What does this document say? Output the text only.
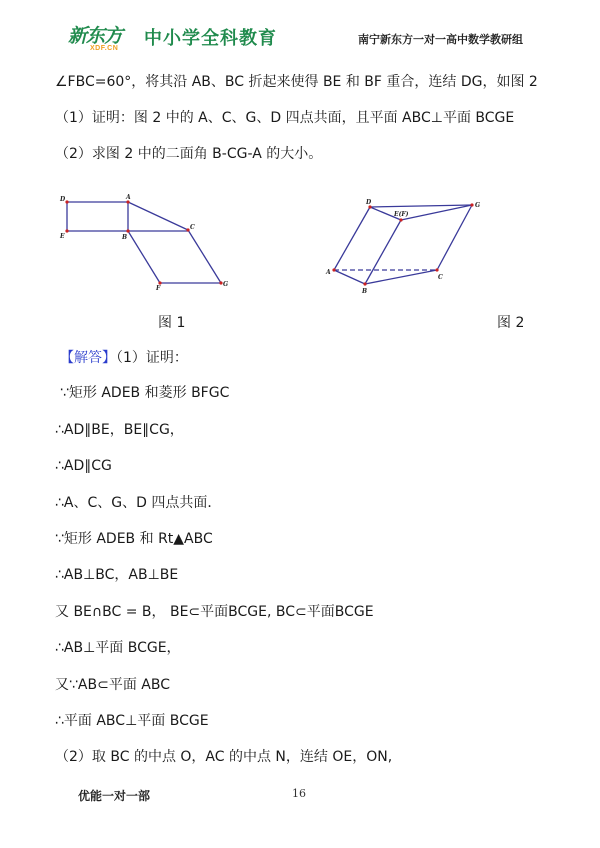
新东方
XDF.CN 中小学全科教育	南宁新东方一对一高中数学教研组
∠FBC=60°，将其沿 AB、BC 折起来使得 BE 和 BF 重合，连结 DG，如图 2
（1）证明：图 2 中的 A、C、G、D 四点共面，且平面 ABC⊥平面 BCGE
（2）求图 2 中的二面角 B-CG-A 的大小。
D	A
E	B
C
F
G
D
E(F)
G
A
B
C
图 1	图 2
【解答】（1）证明：
∵矩形 ADEB 和菱形 BFGC
∴AD∥BE，BE∥CG，
∴AD∥CG
∴A、C、G、D 四点共面．
∵矩形 ADEB 和 Rt▲ABC
∴AB⊥BC，AB⊥BE
又 BE∩BC = B， BE⊂平面BCGE, BC⊂平面BCGE
∴AB⊥平面 BCGE，
又∵AB⊂平面 ABC
∴平面 ABC⊥平面 BCGE
（2）取 BC 的中点 O，AC 的中点 N，连结 OE，ON,
优能一对一部	16
